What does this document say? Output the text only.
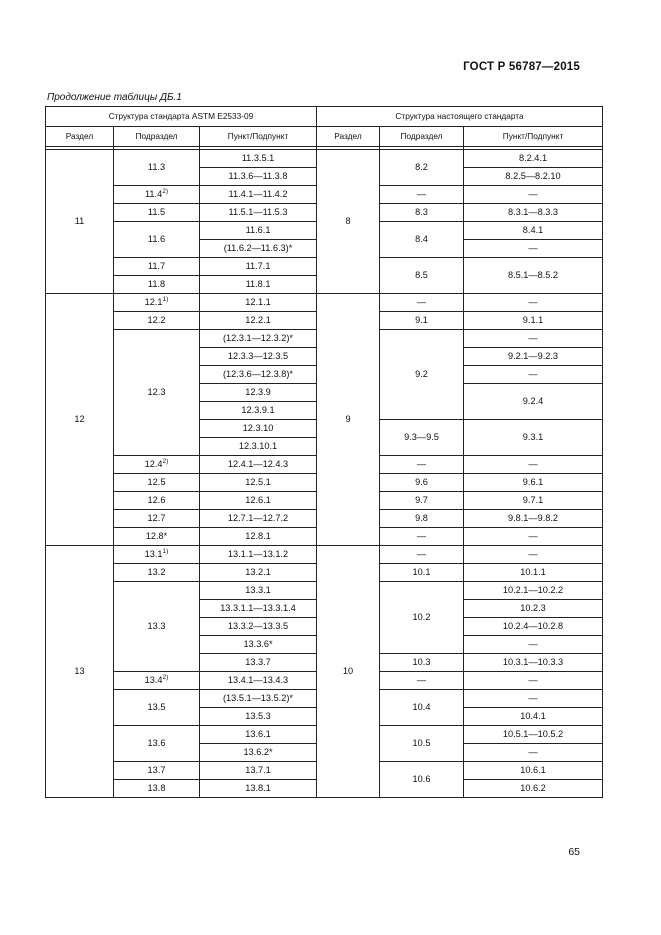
ГОСТ Р 56787—2015
Продолжение таблицы ДБ.1
Структура стандарта ASTM E2533-09			Структура настоящего стандарта		
Раздел	Подраздел	Пункт/Подпункт	Раздел	Подраздел	Пункт/Подпункт

11	11.3	11.3.5.1	8	8.2	8.2.4.1
		11.3.6—11.3.8			8.2.5—8.2.10
	11.4$^{2)}$	11.4.1—11.4.2		—	—
	11.5	11.5.1—11.5.3		8.3	8.3.1—8.3.3
	11.6	11.6.1		8.4	8.4.1
		(11.6.2—11.6.3)*			—
	11.7	11.7.1		8.5	8.5.1—8.5.2
	11.8	11.8.1			
12	12.1$^{1)}$	12.1.1	9	—	—
	12.2	12.2.1		9.1	9.1.1
	12.3	(12.3.1—12.3.2)*		9.2	—
		12.3.3—12.3.5			9.2.1—9.2.3
		(12.3.6—12.3.8)*			—
		12.3.9			9.2.4
		12.3.9.1			
		12.3.10		9.3—9.5	9.3.1
		12.3.10.1			
	12.4$^{2)}$	12.4.1—12.4.3		—	—
	12.5	12.5.1		9.6	9.6.1
	12.6	12.6.1		9.7	9.7.1
	12.7	12.7.1—12.7.2		9.8	9.8.1—9.8.2
	12.8*	12.8.1		—	—
13	13.1$^{1)}$	13.1.1—13.1.2	10	—	—
	13.2	13.2.1		10.1	10.1.1
	13.3	13.3.1		10.2	10.2.1—10.2.2
		13.3.1.1—13.3.1.4			10.2.3
		13.3.2—13.3.5			10.2.4—10.2.8
		13.3.6*			—
		13.3.7		10.3	10.3.1—10.3.3
	13.4$^{2)}$	13.4.1—13.4.3		—	—
	13.5	(13.5.1—13.5.2)*		10.4	—
		13.5.3			10.4.1
	13.6	13.6.1		10.5	10.5.1—10.5.2
		13.6.2*			—
	13.7	13.7.1		10.6	10.6.1
	13.8	13.8.1			10.6.2
65
